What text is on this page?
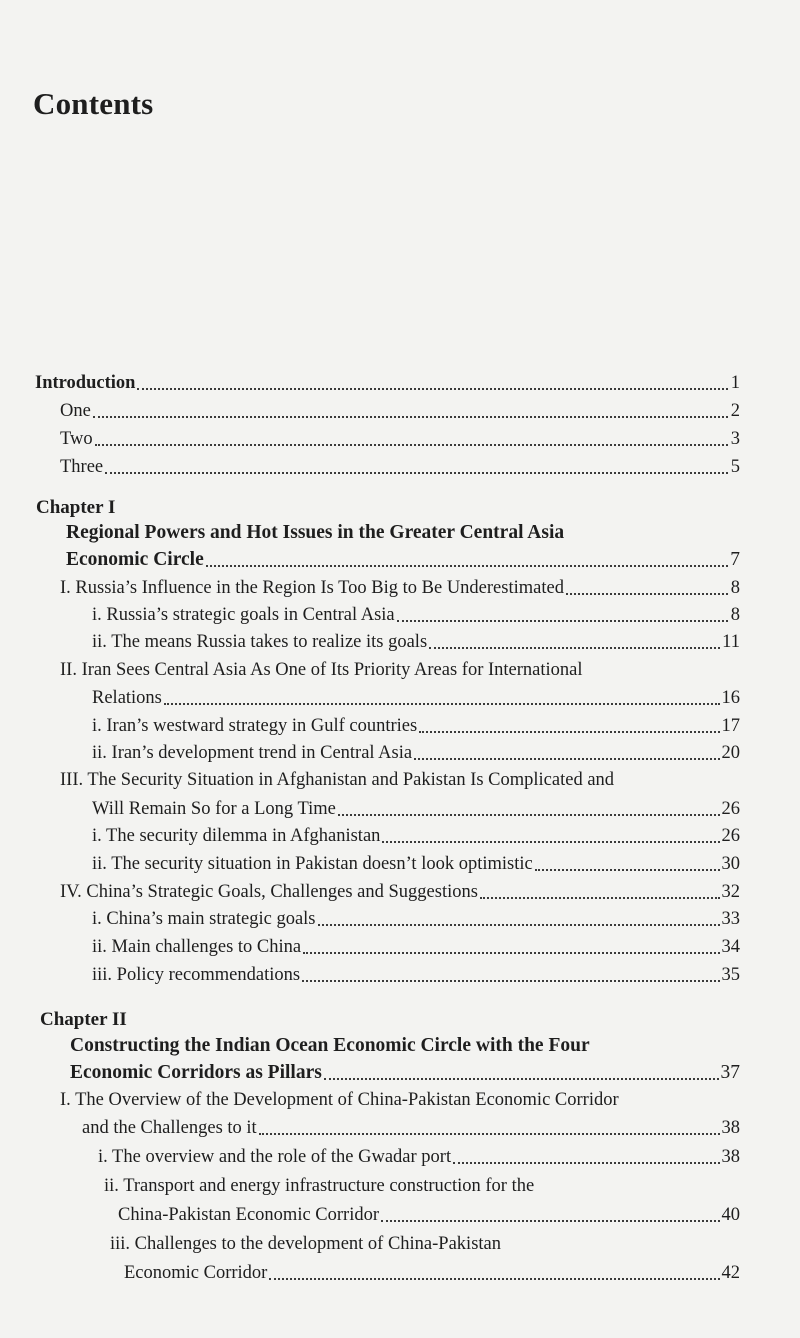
Contents
Introduction	1
One	2
Two	3
Three	5
Chapter I
Regional Powers and Hot Issues in the Greater Central Asia
Economic Circle	7
I. Russia’s Influence in the Region Is Too Big to Be Underestimated	8
i. Russia’s strategic goals in Central Asia	8
ii. The means Russia takes to realize its goals	11
II. Iran Sees Central Asia As One of Its Priority Areas for International
Relations	16
i. Iran’s westward strategy in Gulf countries	17
ii. Iran’s development trend in Central Asia	20
III. The Security Situation in Afghanistan and Pakistan Is Complicated and
Will Remain So for a Long Time	26
i. The security dilemma in Afghanistan	26
ii. The security situation in Pakistan doesn’t look optimistic	30
IV. China’s Strategic Goals, Challenges and Suggestions	32
i. China’s main strategic goals	33
ii. Main challenges to China	34
iii. Policy recommendations	35
Chapter II
Constructing the Indian Ocean Economic Circle with the Four
Economic Corridors as Pillars	37
I. The Overview of the Development of China-Pakistan Economic Corridor
and the Challenges to it	38
i. The overview and the role of the Gwadar port	38
ii. Transport and energy infrastructure construction for the
China-Pakistan Economic Corridor	40
iii. Challenges to the development of China-Pakistan
Economic Corridor	42
